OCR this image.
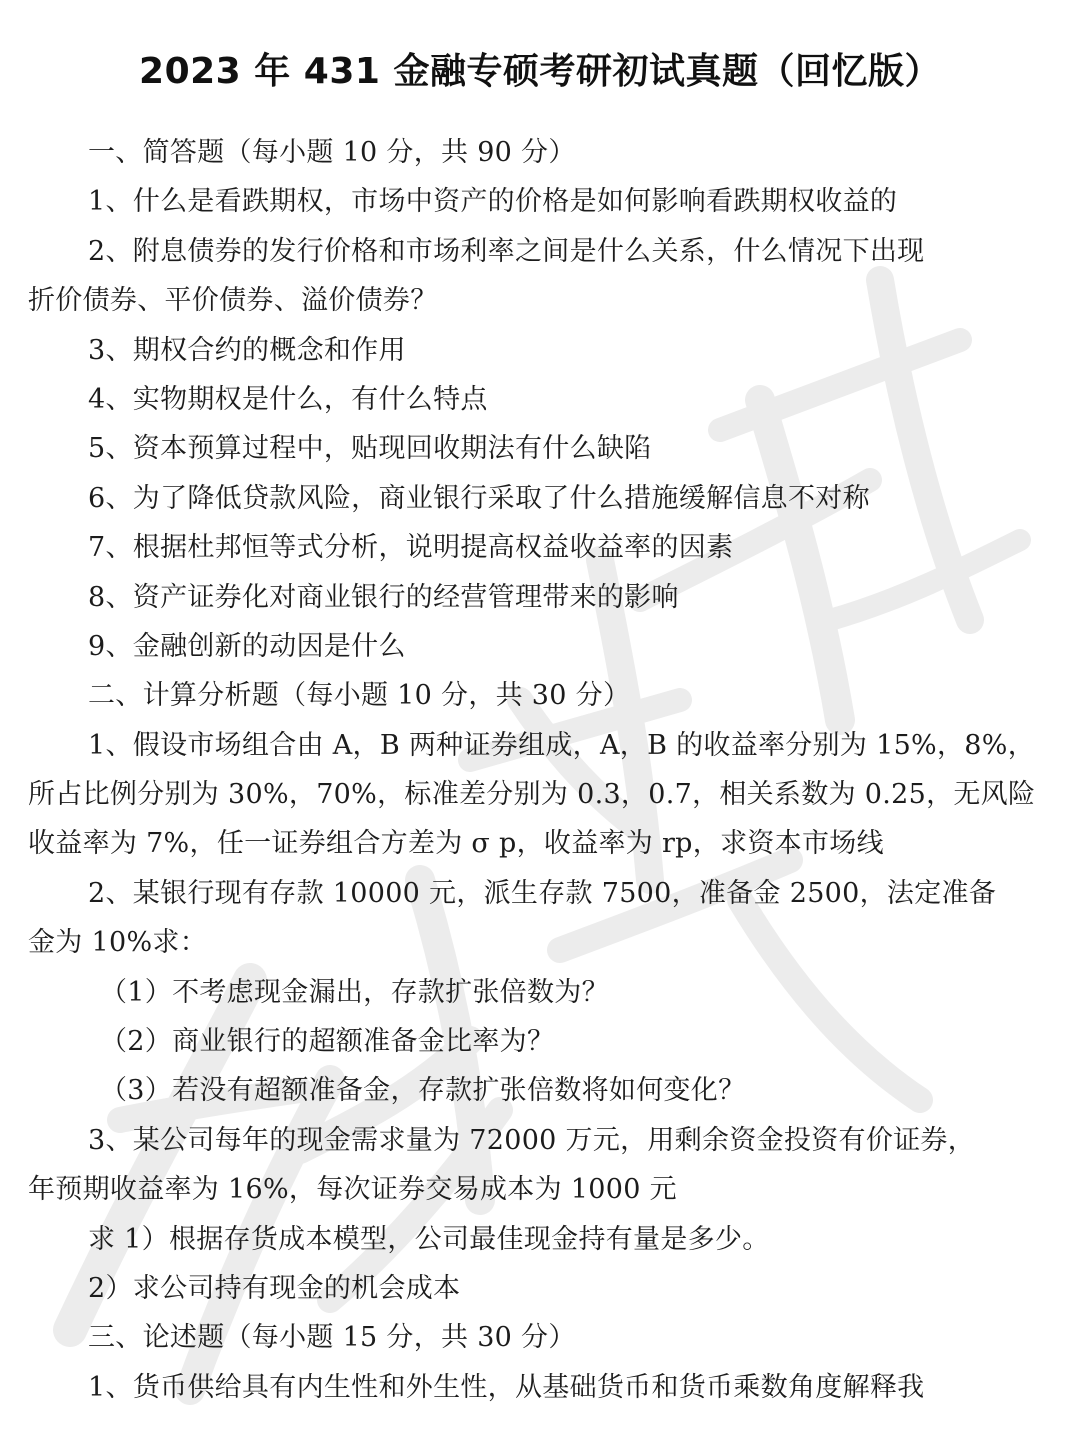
2023 年 431 金融专硕考研初试真题（回忆版）
一、简答题（每小题 10 分，共 90 分）
1、什么是看跌期权，市场中资产的价格是如何影响看跌期权收益的
2、附息债券的发行价格和市场利率之间是什么关系，什么情况下出现
折价债券、平价债券、溢价债券？
3、期权合约的概念和作用
4、实物期权是什么，有什么特点
5、资本预算过程中，贴现回收期法有什么缺陷
6、为了降低贷款风险，商业银行采取了什么措施缓解信息不对称
7、根据杜邦恒等式分析，说明提高权益收益率的因素
8、资产证券化对商业银行的经营管理带来的影响
9、金融创新的动因是什么
二、计算分析题（每小题 10 分，共 30 分）
1、假设市场组合由 A，B 两种证券组成，A，B 的收益率分别为 15%，8%，
所占比例分别为 30%，70%，标准差分别为 0.3，0.7，相关系数为 0.25，无风险
收益率为 7%，任一证券组合方差为 σ p，收益率为 rp，求资本市场线
2、某银行现有存款 10000 元，派生存款 7500，准备金 2500，法定准备
金为 10%求：
（1）不考虑现金漏出，存款扩张倍数为？
（2）商业银行的超额准备金比率为？
（3）若没有超额准备金，存款扩张倍数将如何变化？
3、某公司每年的现金需求量为 72000 万元，用剩余资金投资有价证券，
年预期收益率为 16%，每次证券交易成本为 1000 元
求 1）根据存货成本模型，公司最佳现金持有量是多少。
2）求公司持有现金的机会成本
三、论述题（每小题 15 分，共 30 分）
1、货币供给具有内生性和外生性，从基础货币和货币乘数角度解释我
